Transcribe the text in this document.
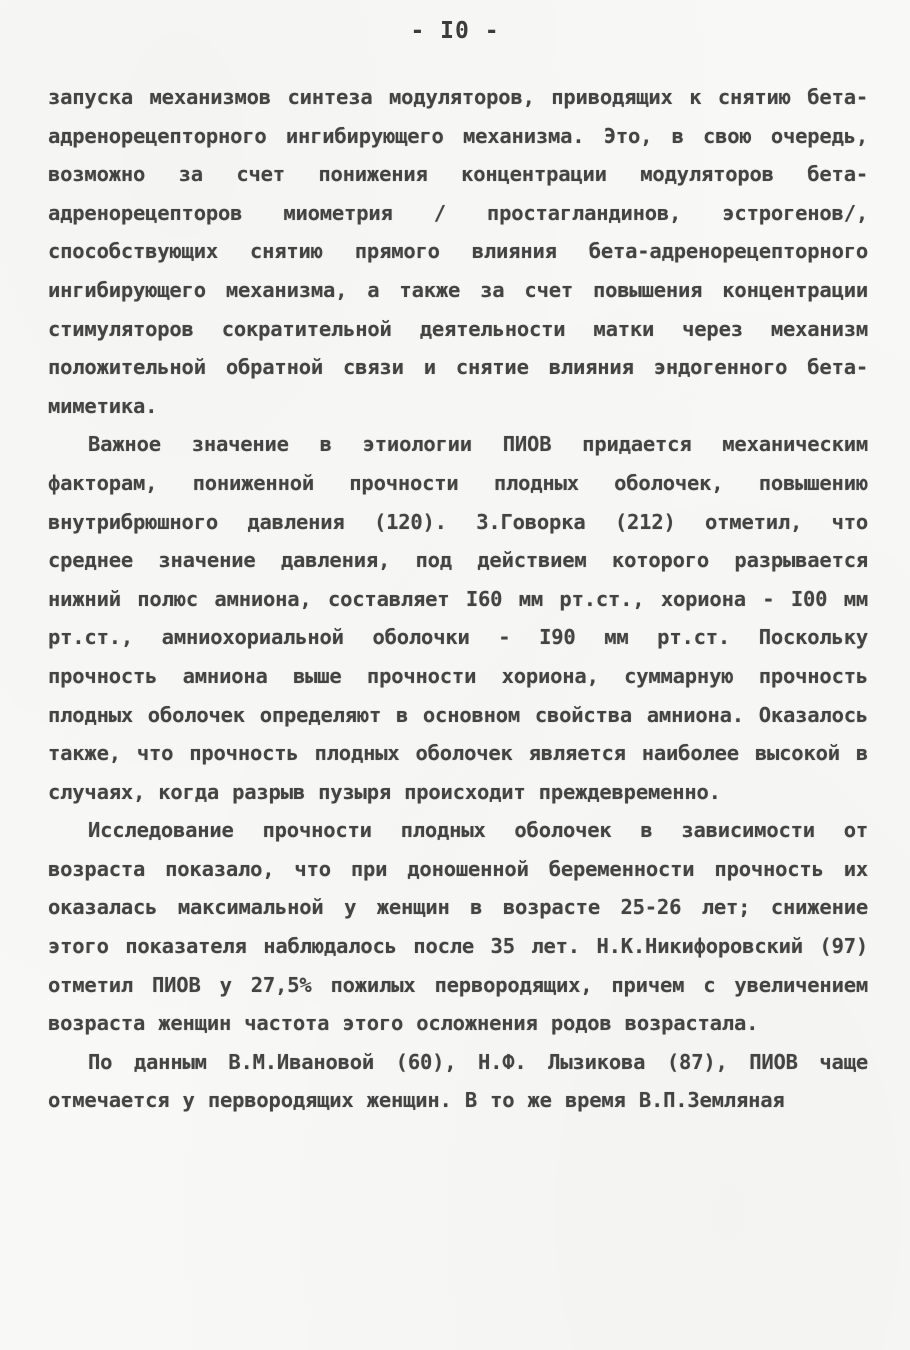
- I0 -

запуска механизмов синтеза модуляторов, приводящих к снятию бета-адренорецепторного ингибирующего механизма. Это, в свою очередь, возможно за счет понижения концентрации модуляторов бета-адренорецепторов миометрия / простагландинов, эстрогенов/, способствующих снятию прямого влияния бета-адренорецепторного ингибирующего механизма, а также за счет повышения концентрации стимуляторов сократительной деятельности матки через механизм положительной обратной связи и снятие влияния эндогенного бета-миметика.

Важное значение в этиологии ПИОВ придается механическим факторам, пониженной прочности плодных оболочек, повышению внутрибрюшного давления (120). З.Говорка (212) отметил, что среднее значение давления, под действием которого разрывается нижний полюс амниона, составляет I60 мм рт.ст., хориона - I00 мм рт.ст., амниохориальной оболочки - I90 мм рт.ст. Поскольку прочность амниона выше прочности хориона, суммарную прочность плодных оболочек определяют в основном свойства амниона. Оказалось также, что прочность плодных оболочек является наиболее высокой в случаях, когда разрыв пузыря происходит преждевременно.

Исследование прочности плодных оболочек в зависимости от возраста показало, что при доношенной беременности прочность их оказалась максимальной у женщин в возрасте 25-26 лет; снижение этого показателя наблюдалось после 35 лет. Н.К.Никифоровский (97) отметил ПИОВ у 27,5% пожилых первородящих, причем с увеличением возраста женщин частота этого осложнения родов возрастала.

По данным В.М.Ивановой (60), Н.Ф. Лызикова (87), ПИОВ чаще отмечается у первородящих женщин. В то же время В.П.Земляная
